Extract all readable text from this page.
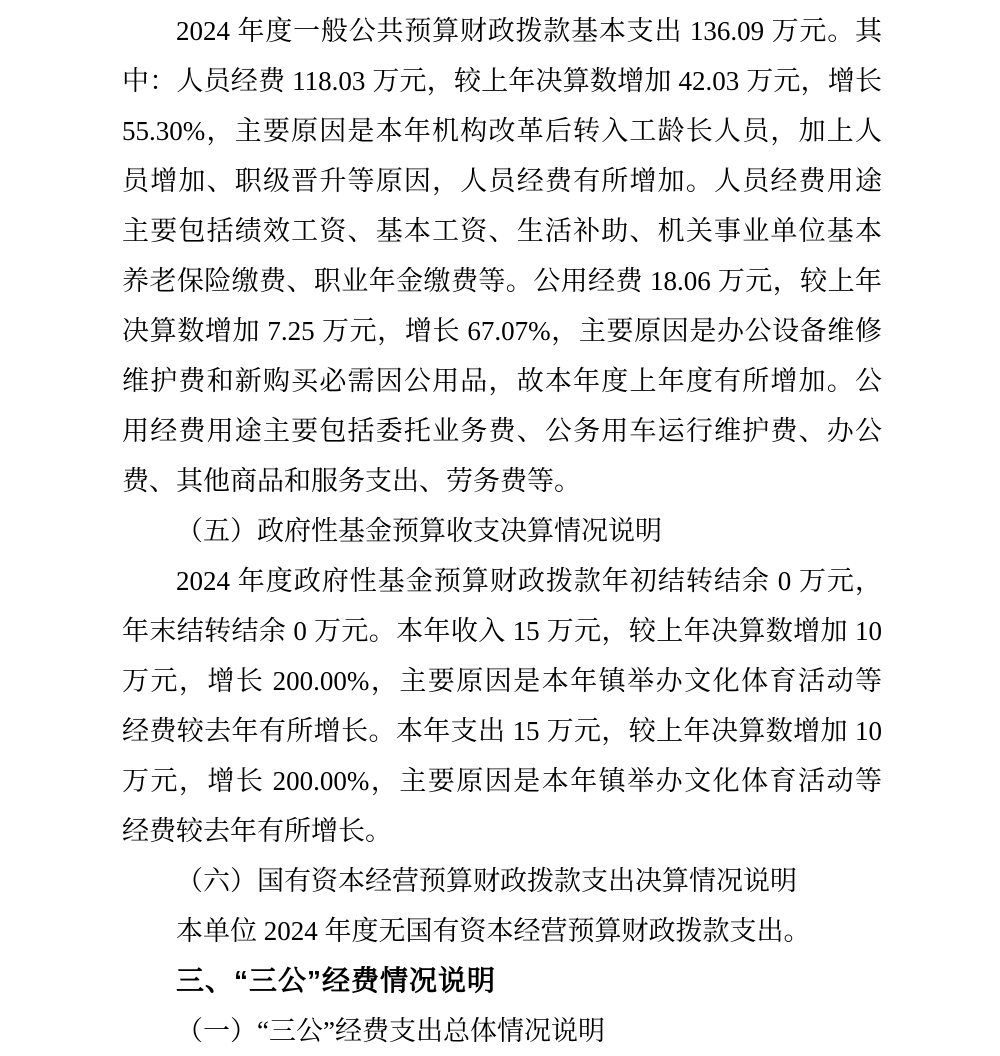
2024 年度一般公共预算财政拨款基本支出 136.09 万元。其
中：人员经费 118.03 万元，较上年决算数增加 42.03 万元，增长
55.30%，主要原因是本年机构改革后转入工龄长人员，加上人
员增加、职级晋升等原因，人员经费有所增加。人员经费用途
主要包括绩效工资、基本工资、生活补助、机关事业单位基本
养老保险缴费、职业年金缴费等。公用经费 18.06 万元，较上年
决算数增加 7.25 万元，增长 67.07%，主要原因是办公设备维修
维护费和新购买必需因公用品，故本年度上年度有所增加。公
用经费用途主要包括委托业务费、公务用车运行维护费、办公
费、其他商品和服务支出、劳务费等。
（五）政府性基金预算收支决算情况说明
2024 年度政府性基金预算财政拨款年初结转结余 0 万元，
年末结转结余 0 万元。本年收入 15 万元，较上年决算数增加 10
万元，增长 200.00%，主要原因是本年镇举办文化体育活动等
经费较去年有所增长。本年支出 15 万元，较上年决算数增加 10
万元，增长 200.00%，主要原因是本年镇举办文化体育活动等
经费较去年有所增长。
（六）国有资本经营预算财政拨款支出决算情况说明
本单位 2024 年度无国有资本经营预算财政拨款支出。
三、“三公”经费情况说明
（一）“三公”经费支出总体情况说明
